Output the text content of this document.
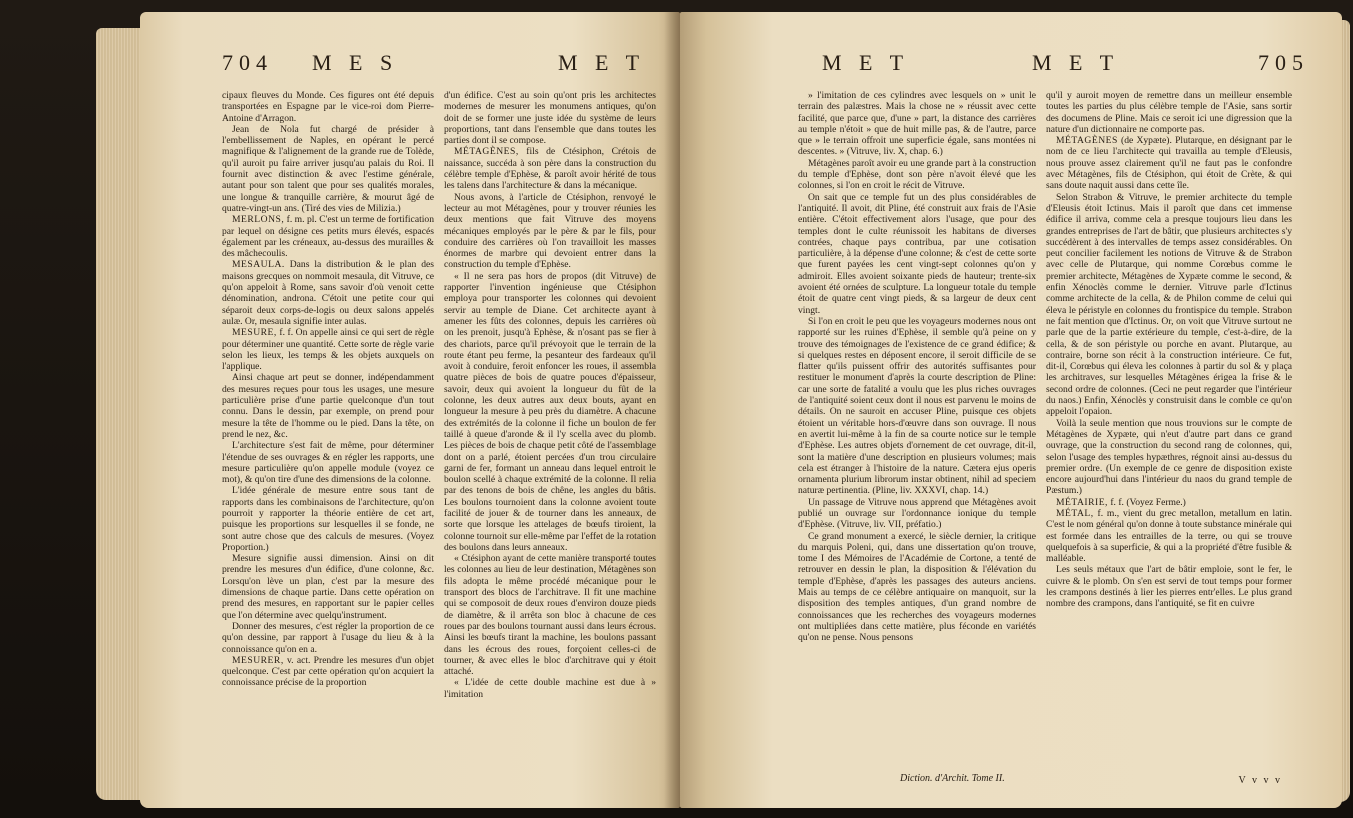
704 M E S	M E T

cipaux fleuves du Monde. Ces figures ont été depuis transportées en Espagne par le vice-roi dom Pierre-Antoine d'Arragon.

Jean de Nola fut chargé de présider à l'embellissement de Naples, en opérant le percé magnifique & l'alignement de la grande rue de Tolède, qu'il auroit pu faire arriver jusqu'au palais du Roi. Il fournit avec distinction & avec l'estime générale, autant pour son talent que pour ses qualités morales, une longue & tranquille carrière, & mourut âgé de quatre-vingt-un ans. (Tiré des vies de Milizia.)

MERLONS, f. m. pl. C'est un terme de fortification par lequel on désigne ces petits murs élevés, espacés également par les créneaux, au-dessus des murailles & des mâchecoulis.

MESAULA. Dans la distribution & le plan des maisons grecques on nommoit mesaula, dit Vitruve, ce qu'on appeloit à Rome, sans savoir d'où venoit cette dénomination, androna. C'étoit une petite cour qui séparoit deux corps-de-logis ou deux salons appelés aulæ. Or, mesaula signifie inter aulas.

MESURE, f. f. On appelle ainsi ce qui sert de règle pour déterminer une quantité. Cette sorte de règle varie selon les lieux, les temps & les objets auxquels on l'applique.

Ainsi chaque art peut se donner, indépendamment des mesures reçues pour tous les usages, une mesure particulière prise d'une partie quelconque d'un tout connu. Dans le dessin, par exemple, on prend pour mesure la tête de l'homme ou le pied. Dans la tête, on prend le nez, &c.

L'architecture s'est fait de même, pour déterminer l'étendue de ses ouvrages & en régler les rapports, une mesure particulière qu'on appelle module (voyez ce mot), & qu'on tire d'une des dimensions de la colonne.

L'idée générale de mesure entre sous tant de rapports dans les combinaisons de l'architecture, qu'on pourroit y rapporter la théorie entière de cet art, puisque les proportions sur lesquelles il se fonde, ne sont autre chose que des calculs de mesures. (Voyez Proportion.)

Mesure signifie aussi dimension. Ainsi on dit prendre les mesures d'un édifice, d'une colonne, &c. Lorsqu'on lève un plan, c'est par la mesure des dimensions de chaque partie. Dans cette opération on prend des mesures, en rapportant sur le papier celles que l'on détermine avec quelqu'instrument.

Donner des mesures, c'est régler la proportion de ce qu'on dessine, par rapport à l'usage du lieu & à la connoissance qu'on en a.

MESURER, v. act. Prendre les mesures d'un objet quelconque. C'est par cette opération qu'on acquiert la connoissance précise de la proportion

d'un édifice. C'est au soin qu'ont pris les architectes modernes de mesurer les monumens antiques, qu'on doit de se former une juste idée du système de leurs proportions, tant dans l'ensemble que dans toutes les parties dont il se compose.

MÉTAGÈNES, fils de Ctésiphon, Crétois de naissance, succéda à son père dans la construction du célèbre temple d'Ephèse, & paroît avoir hérité de tous les talens dans l'architecture & dans la mécanique.

Nous avons, à l'article de Ctésiphon, renvoyé le lecteur au mot Métagènes, pour y trouver réunies les deux mentions que fait Vitruve des moyens mécaniques employés par le père & par le fils, pour conduire des carrières où l'on travailloit les masses énormes de marbre qui devoient entrer dans la construction du temple d'Ephèse.

« Il ne sera pas hors de propos (dit Vitruve) de rapporter l'invention ingénieuse que Ctésiphon employa pour transporter les colonnes qui devoient servir au temple de Diane. Cet architecte ayant à amener les fûts des colonnes, depuis les carrières où on les prenoit, jusqu'à Ephèse, & n'osant pas se fier à des chariots, parce qu'il prévoyoit que le terrain de la route étant peu ferme, la pesanteur des fardeaux qu'il avoit à conduire, feroit enfoncer les roues, il assembla quatre pièces de bois de quatre pouces d'épaisseur, savoir, deux qui avoient la longueur du fût de la colonne, les deux autres aux deux bouts, ayant en longueur la mesure à peu près du diamètre. A chacune des extrémités de la colonne il fiche un boulon de fer taillé à queue d'aronde & il l'y scella avec du plomb. Les pièces de bois de chaque petit côté de l'assemblage dont on a parlé, étoient percées d'un trou circulaire garni de fer, formant un anneau dans lequel entroit le boulon scellé à chaque extrémité de la colonne. Il relia par des tenons de bois de chêne, les angles du bâtis. Les boulons tournoient dans la colonne avoient toute facilité de jouer & de tourner dans les anneaux, de sorte que lorsque les attelages de bœufs tiroient, la colonne tournoit sur elle-même par l'effet de la rotation des boulons dans leurs anneaux.

« Ctésiphon ayant de cette manière transporté toutes les colonnes au lieu de leur destination, Métagènes son fils adopta le même procédé mécanique pour le transport des blocs de l'architrave. Il fit une machine qui se composoit de deux roues d'environ douze pieds de diamètre, & il arrêta son bloc à chacune de ces roues par des boulons tournant aussi dans leurs écrous. Ainsi les bœufs tirant la machine, les boulons passant dans les écrous des roues, forçoient celles-ci de tourner, & avec elles le bloc d'architrave qui y étoit attaché.

« L'idée de cette double machine est due à » l'imitation

M E T	M E T	705

» l'imitation de ces cylindres avec lesquels on » unit le terrain des palæstres. Mais la chose ne » réussit avec cette facilité, que parce que, d'une » part, la distance des carrières au temple n'étoit » que de huit mille pas, & de l'autre, parce que » le terrain offroit une superficie égale, sans montées ni descentes. » (Vitruve, liv. X, chap. 6.)

Métagènes paroît avoir eu une grande part à la construction du temple d'Ephèse, dont son père n'avoit élevé que les colonnes, si l'on en croit le récit de Vitruve.

On sait que ce temple fut un des plus considérables de l'antiquité. Il avoit, dit Pline, été construit aux frais de l'Asie entière. C'étoit effectivement alors l'usage, que pour des temples dont le culte réunissoit les habitans de diverses contrées, chaque pays contribua, par une cotisation particulière, à la dépense d'une colonne; & c'est de cette sorte que furent payées les cent vingt-sept colonnes qu'on y admiroit. Elles avoient soixante pieds de hauteur; trente-six avoient été ornées de sculpture. La longueur totale du temple étoit de quatre cent vingt pieds, & sa largeur de deux cent vingt.

Si l'on en croit le peu que les voyageurs modernes nous ont rapporté sur les ruines d'Ephèse, il semble qu'à peine on y trouve des témoignages de l'existence de ce grand édifice; & si quelques restes en déposent encore, il seroit difficile de se flatter qu'ils puissent offrir des autorités suffisantes pour restituer le monument d'après la courte description de Pline: car une sorte de fatalité a voulu que les plus riches ouvrages de l'antiquité soient ceux dont il nous est parvenu le moins de détails. On ne sauroit en accuser Pline, puisque ces objets étoient un véritable hors-d'œuvre dans son ouvrage. Il nous en avertit lui-même à la fin de sa courte notice sur le temple d'Ephèse. Les autres objets d'ornement de cet ouvrage, dit-il, sont la matière d'une description en plusieurs volumes; mais cela est étranger à l'histoire de la nature. Cætera ejus operis ornamenta plurium librorum instar obtinent, nihil ad speciem naturæ pertinentia. (Pline, liv. XXXVI, chap. 14.)

Un passage de Vitruve nous apprend que Métagènes avoit publié un ouvrage sur l'ordonnance ionique du temple d'Ephèse. (Vitruve, liv. VII, préfatio.)

Ce grand monument a exercé, le siècle dernier, la critique du marquis Poleni, qui, dans une dissertation qu'on trouve, tome I des Mémoires de l'Académie de Cortone, a tenté de retrouver en dessin le plan, la disposition & l'élévation du temple d'Ephèse, d'après les passages des auteurs anciens. Mais au temps de ce célèbre antiquaire on manquoit, sur la disposition des temples antiques, d'un grand nombre de connoissances que les recherches des voyageurs modernes ont multipliées dans cette matière, plus féconde en variétés qu'on ne pense. Nous pensons

qu'il y auroit moyen de remettre dans un meilleur ensemble toutes les parties du plus célèbre temple de l'Asie, sans sortir des documens de Pline. Mais ce seroit ici une digression que la nature d'un dictionnaire ne comporte pas.

MÉTAGÈNES (de Xypæte). Plutarque, en désignant par le nom de ce lieu l'architecte qui travailla au temple d'Eleusis, nous prouve assez clairement qu'il ne faut pas le confondre avec Métagènes, fils de Ctésiphon, qui étoit de Crète, & qui sans doute naquit aussi dans cette île.

Selon Strabon & Vitruve, le premier architecte du temple d'Eleusis étoit Ictinus. Mais il paroît que dans cet immense édifice il arriva, comme cela a presque toujours lieu dans les grandes entreprises de l'art de bâtir, que plusieurs architectes s'y succédèrent à des intervalles de temps assez considérables. On peut concilier facilement les notions de Vitruve & de Strabon avec celle de Plutarque, qui nomme Corœbus comme le premier architecte, Métagènes de Xypæte comme le second, & enfin Xénoclès comme le dernier. Vitruve parle d'Ictinus comme architecte de la cella, & de Philon comme de celui qui éleva le péristyle en colonnes du frontispice du temple. Strabon ne fait mention que d'Ictinus. Or, on voit que Vitruve surtout ne parle que de la partie extérieure du temple, c'est-à-dire, de la cella, & de son péristyle ou porche en avant. Plutarque, au contraire, borne son récit à la construction intérieure. Ce fut, dit-il, Corœbus qui éleva les colonnes à partir du sol & y plaça les architraves, sur lesquelles Métagènes érigea la frise & le second ordre de colonnes. (Ceci ne peut regarder que l'intérieur du naos.) Enfin, Xénoclès y construisit dans le comble ce qu'on appeloit l'opaion.

Voilà la seule mention que nous trouvions sur le compte de Métagènes de Xypæte, qui n'eut d'autre part dans ce grand ouvrage, que la construction du second rang de colonnes, qui, selon l'usage des temples hypæthres, régnoit ainsi au-dessus du premier ordre. (Un exemple de ce genre de disposition existe encore aujourd'hui dans l'intérieur du naos du grand temple de Pæstum.)

MÉTAIRIE, f. f. (Voyez Ferme.)

MÉTAL, f. m., vient du grec metallon, metallum en latin. C'est le nom général qu'on donne à toute substance minérale qui est formée dans les entrailles de la terre, ou qui se trouve quelquefois à sa superficie, & qui a la propriété d'être fusible & malléable.

Les seuls métaux que l'art de bâtir emploie, sont le fer, le cuivre & le plomb. On s'en est servi de tout temps pour former les crampons destinés à lier les pierres entr'elles. Le plus grand nombre des crampons, dans l'antiquité, se fit en cuivre

Diction. d'Archit. Tome II.	V v v v
